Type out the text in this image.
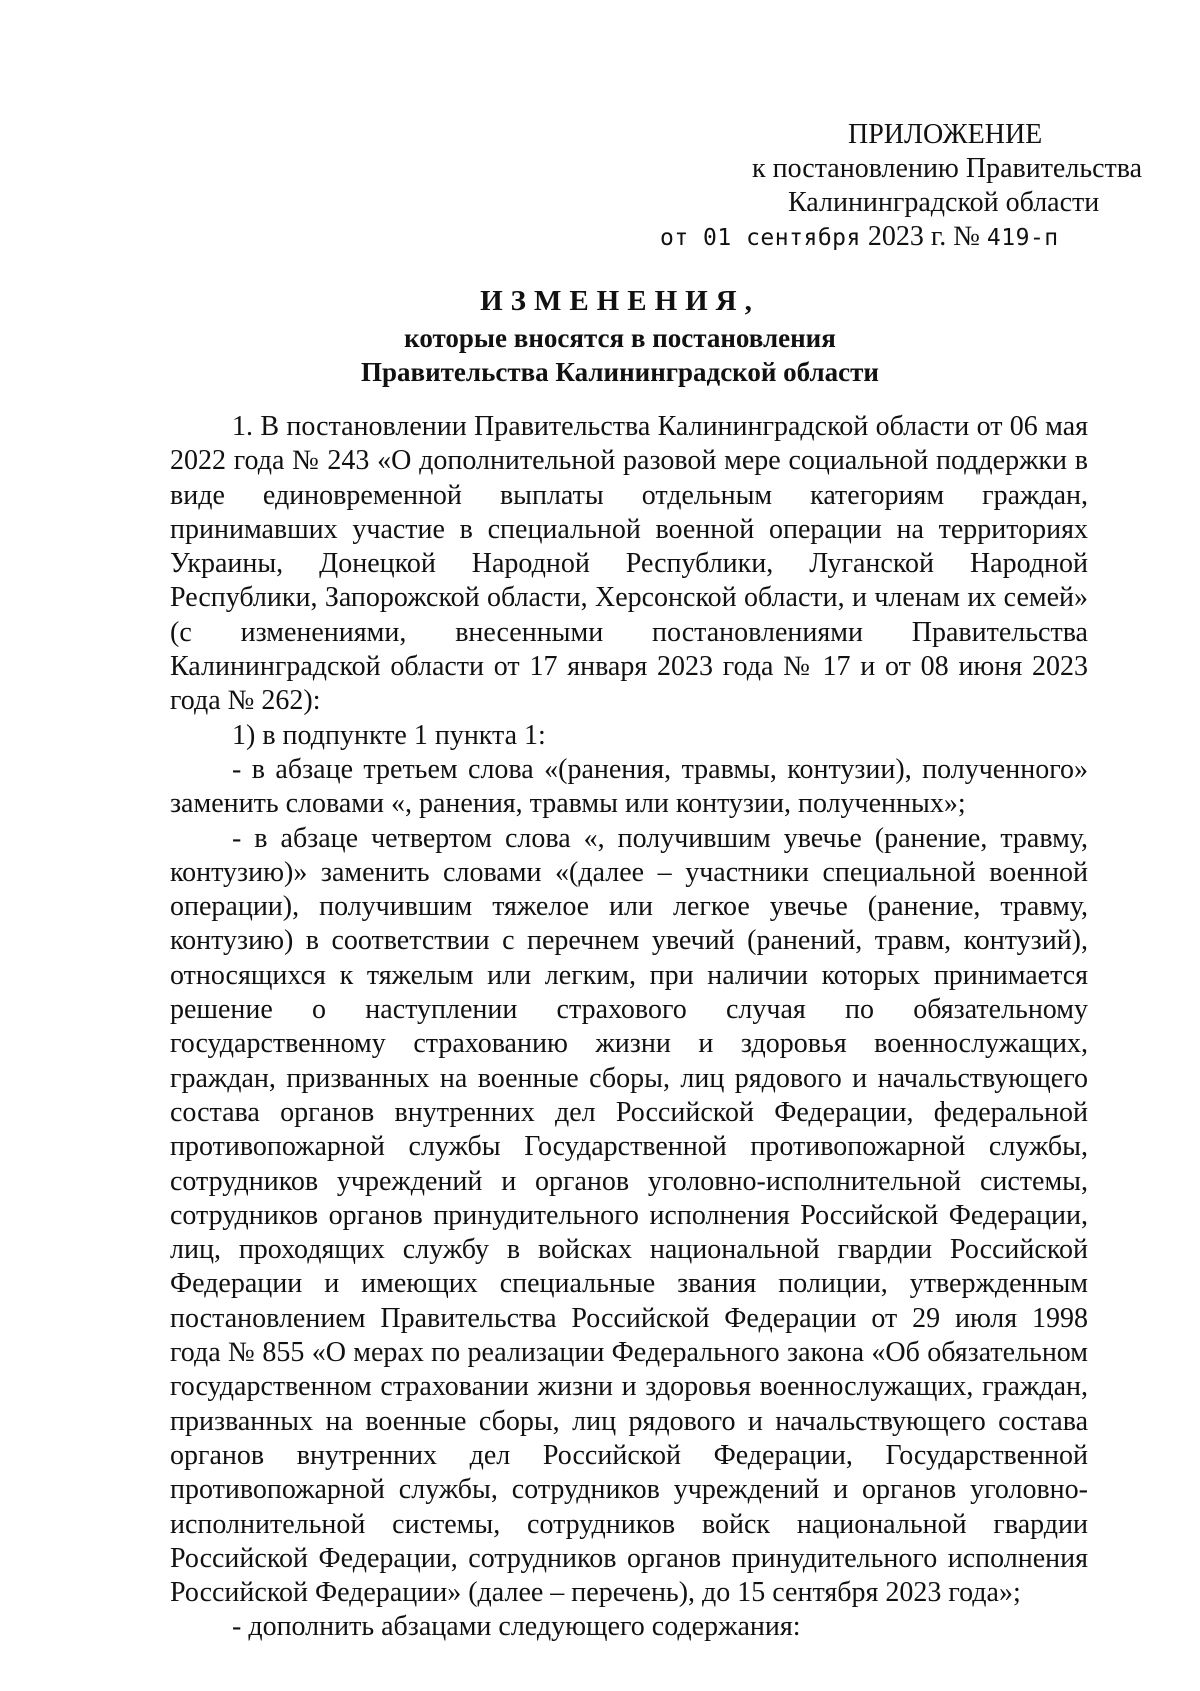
ПРИЛОЖЕНИЕ
к постановлению Правительства
Калининградской области
от 01 сентября 2023 г. № 419-п
ИЗМЕНЕНИЯ,
которые вносятся в постановления
Правительства Калининградской области

1. В постановлении Правительства Калининградской области от 06 мая 2022 года № 243 «О дополнительной разовой мере социальной поддержки в виде единовременной выплаты отдельным категориям граждан, принимавших участие в специальной военной операции на территориях Украины, Донецкой Народной Республики, Луганской Народной Республики, Запорожской области, Херсонской области, и членам их семей» (с изменениями, внесенными постановлениями Правительства Калининградской области от 17 января 2023 года № 17 и от 08 июня 2023 года № 262):

1) в подпункте 1 пункта 1:

- в абзаце третьем слова «(ранения, травмы, контузии), полученного» заменить словами «, ранения, травмы или контузии, полученных»;

- в абзаце четвертом слова «, получившим увечье (ранение, травму, контузию)» заменить словами «(далее – участники специальной военной операции), получившим тяжелое или легкое увечье (ранение, травму, контузию) в соответствии с перечнем увечий (ранений, травм, контузий), относящихся к тяжелым или легким, при наличии которых принимается решение о наступлении страхового случая по обязательному государственному страхованию жизни и здоровья военнослужащих, граждан, призванных на военные сборы, лиц рядового и начальствующего состава органов внутренних дел Российской Федерации, федеральной противопожарной службы Государственной противопожарной службы, сотрудников учреждений и органов уголовно-исполнительной системы, сотрудников органов принудительного исполнения Российской Федерации, лиц, проходящих службу в войсках национальной гвардии Российской Федерации и имеющих специальные звания полиции, утвержденным постановлением Правительства Российской Федерации от 29 июля 1998 года № 855 «О мерах по реализации Федерального закона «Об обязательном государственном страховании жизни и здоровья военнослужащих, граждан, призванных на военные сборы, лиц рядового и начальствующего состава органов внутренних дел Российской Федерации, Государственной противопожарной службы, сотрудников учреждений и органов уголовно-исполнительной системы, сотрудников войск национальной гвардии Российской Федерации, сотрудников органов принудительного исполнения Российской Федерации» (далее – перечень), до 15 сентября 2023 года»;

- дополнить абзацами следующего содержания:
